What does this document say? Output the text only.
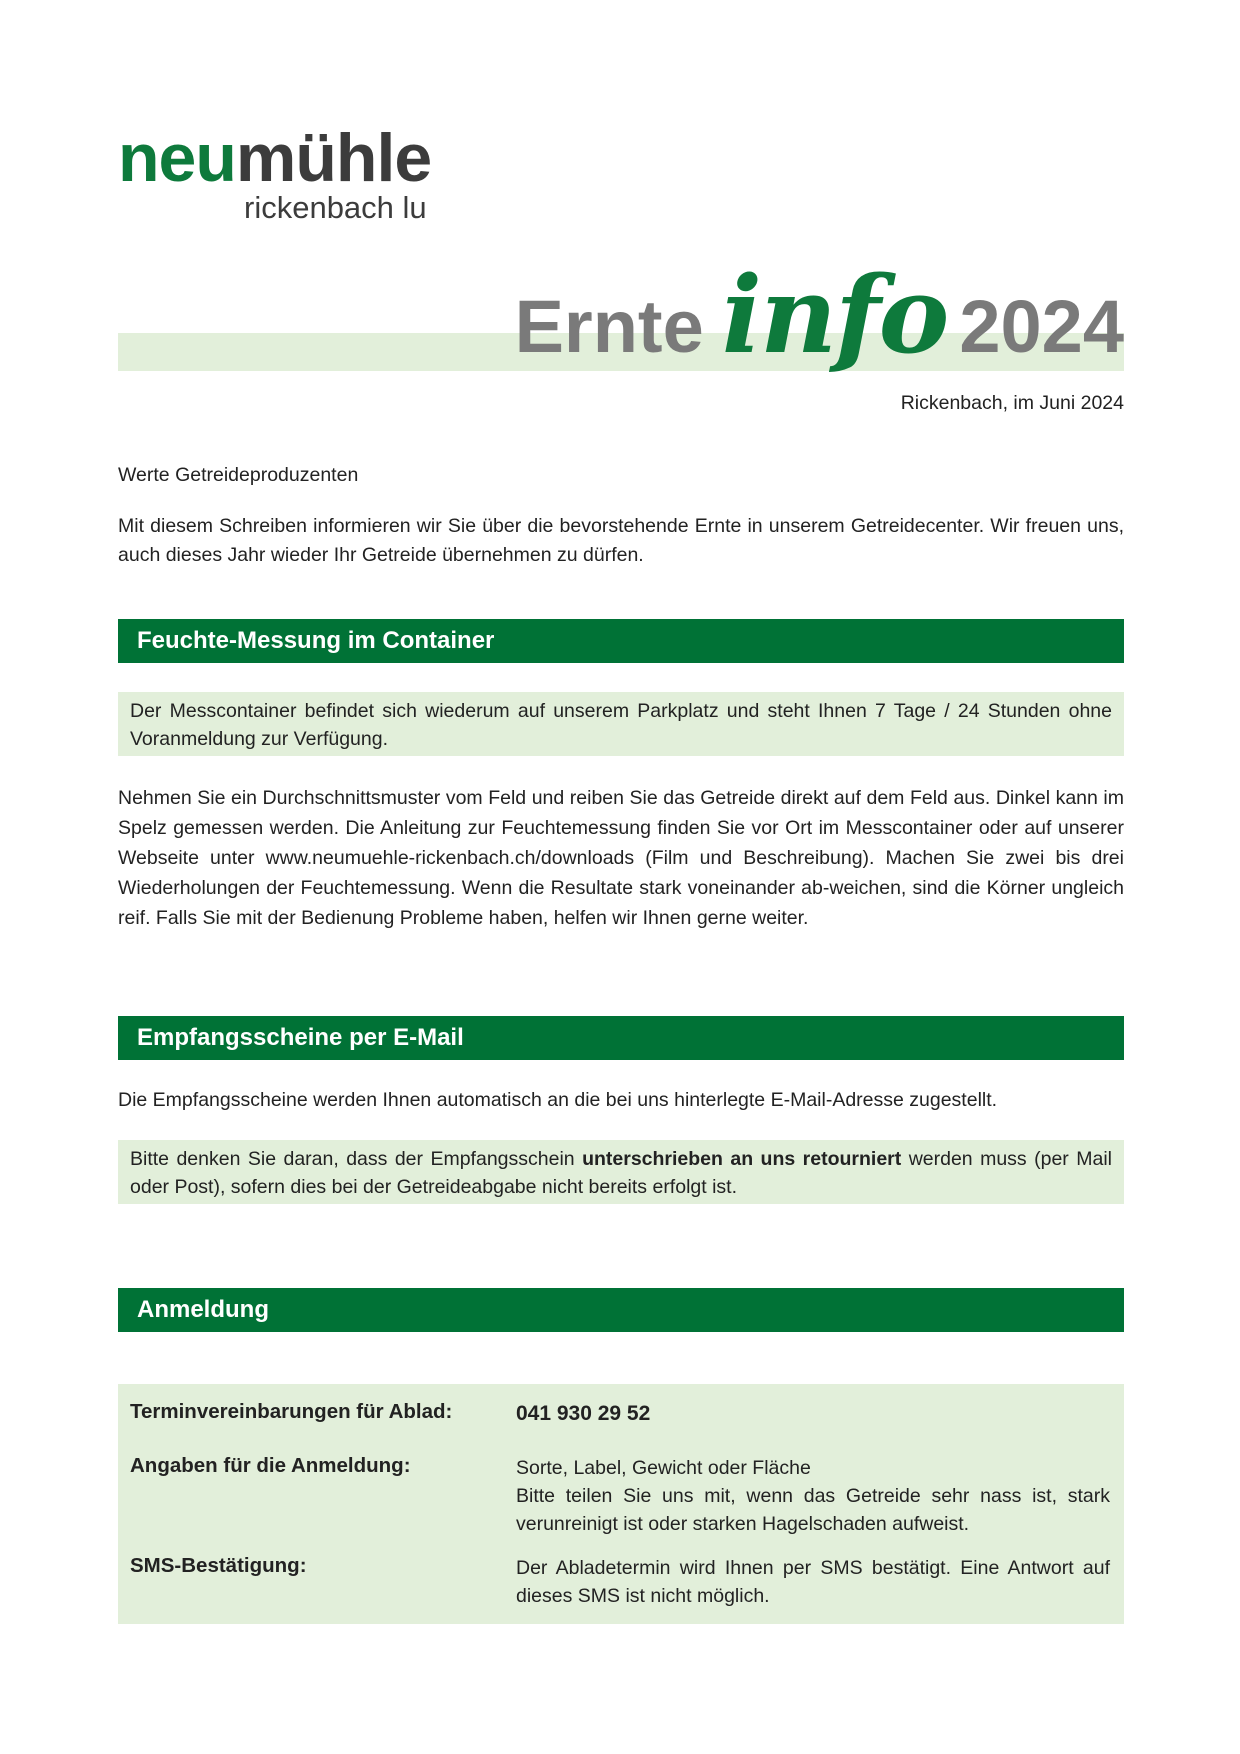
neumühle
rickenbach lu
Ernte info 2024
Rickenbach, im Juni 2024
Werte Getreideproduzenten
Mit diesem Schreiben informieren wir Sie über die bevorstehende Ernte in unserem Getreidecenter. Wir freuen uns, auch dieses Jahr wieder Ihr Getreide übernehmen zu dürfen.
Feuchte-Messung im Container
Der Messcontainer befindet sich wiederum auf unserem Parkplatz und steht Ihnen 7 Tage / 24 Stunden ohne Voranmeldung zur Verfügung.
Nehmen Sie ein Durchschnittsmuster vom Feld und reiben Sie das Getreide direkt auf dem Feld aus. Dinkel kann im Spelz gemessen werden. Die Anleitung zur Feuchtemessung finden Sie vor Ort im Messcontainer oder auf unserer Webseite unter www.neumuehle-rickenbach.ch/downloads (Film und Beschreibung). Machen Sie zwei bis drei Wiederholungen der Feuchtemessung. Wenn die Resultate stark voneinander ab-weichen, sind die Körner ungleich reif. Falls Sie mit der Bedienung Probleme haben, helfen wir Ihnen gerne weiter.
Empfangsscheine per E-Mail
Die Empfangsscheine werden Ihnen automatisch an die bei uns hinterlegte E-Mail-Adresse zugestellt.
Bitte denken Sie daran, dass der Empfangsschein unterschrieben an uns retourniert werden muss (per Mail oder Post), sofern dies bei der Getreideabgabe nicht bereits erfolgt ist.
Anmeldung
Terminvereinbarungen für Ablad:	041 930 29 52
Angaben für die Anmeldung:	Sorte, Label, Gewicht oder Fläche
Bitte teilen Sie uns mit, wenn das Getreide sehr nass ist, stark verunreinigt ist oder starken Hagelschaden aufweist.
SMS-Bestätigung:	Der Abladetermin wird Ihnen per SMS bestätigt. Eine Antwort auf dieses SMS ist nicht möglich.
